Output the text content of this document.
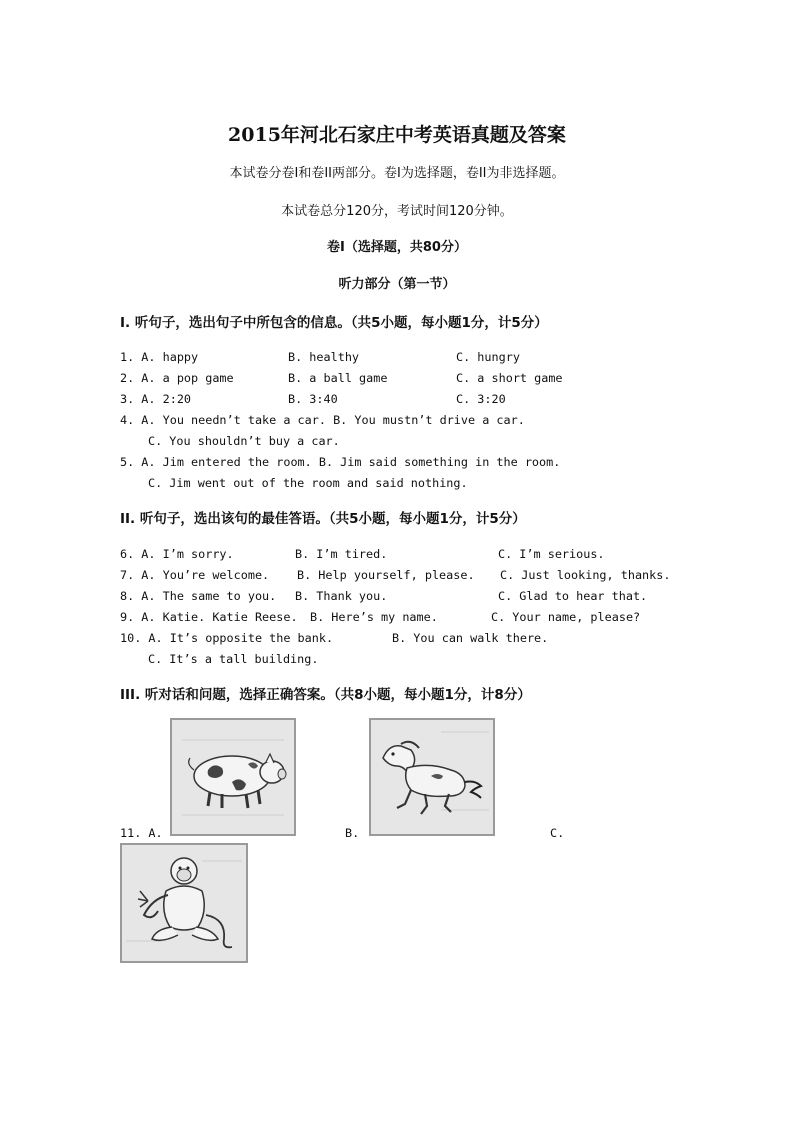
2015年河北石家庄中考英语真题及答案
本试卷分卷I和卷II两部分。卷I为选择题，卷II为非选择题。
本试卷总分120分，考试时间120分钟。
卷I（选择题，共80分）
听力部分（第一节）
I. 听句子，选出句子中所包含的信息。（共5小题，每小题1分，计5分）
1. A. happy	B. healthy	C. hungry
2. A. a pop game	B. a ball game	C. a short game
3. A. 2:20	B. 3:40	C. 3:20
4. A. You needn’t take a car. B. You mustn’t drive a car.
C. You shouldn’t buy a car.
5. A. Jim entered the room. B. Jim said something in the room.
C. Jim went out of the room and said nothing.
II. 听句子，选出该句的最佳答语。（共5小题，每小题1分，计5分）
6. A. I’m sorry.	B. I’m tired.	C. I’m serious.
7. A. You’re welcome. B. Help yourself, please. C. Just looking, thanks.
8. A. The same to you. B. Thank you.	C. Glad to hear that.
9. A. Katie. Katie Reese. B. Here’s my name.	C. Your name, please?
10. A. It’s opposite the bank.	B. You can walk there.
C. It’s a tall building.
III. 听对话和问题，选择正确答案。（共8小题，每小题1分，计8分）
11. A.	B.	C.
